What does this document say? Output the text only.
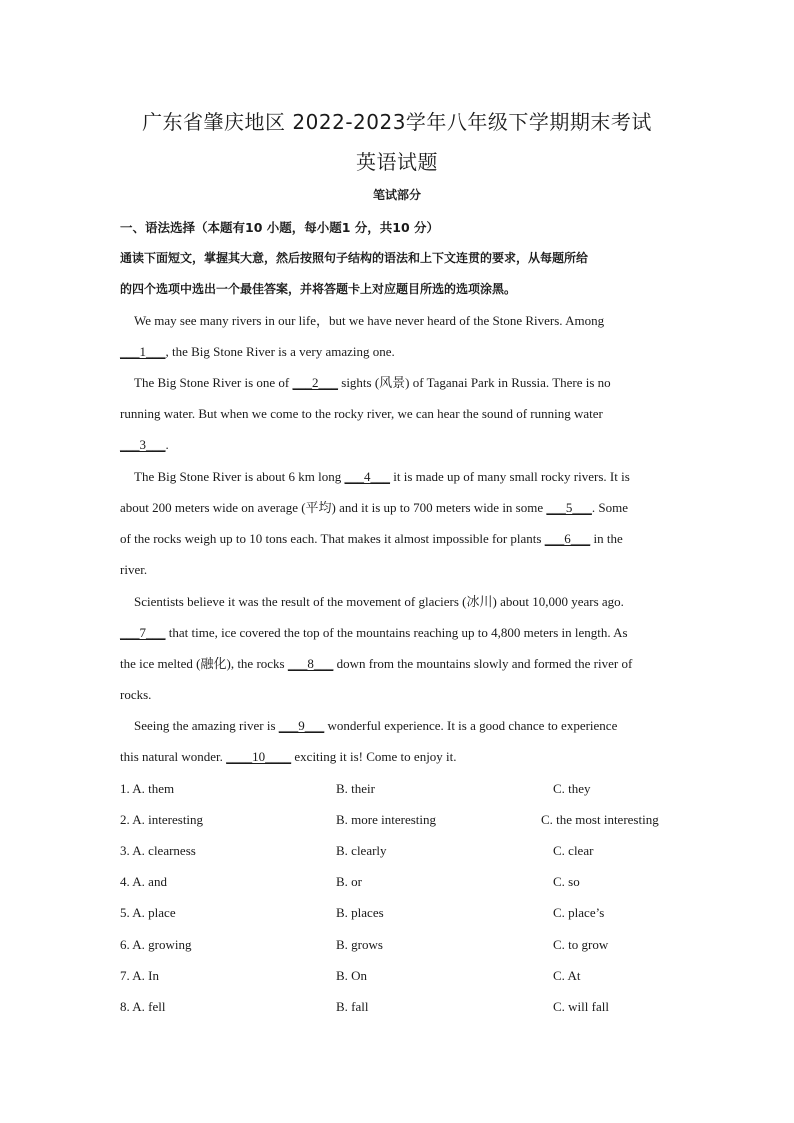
广东省肇庆地区 2022-2023学年八年级下学期期末考试
英语试题
笔试部分
一、语法选择（本题有10 小题，每小题1 分，共10 分）
通读下面短文，掌握其大意，然后按照句子结构的语法和上下文连贯的要求，从每题所给
的四个选项中选出一个最佳答案，并将答题卡上对应题目所选的选项涂黑。
We may see many rivers in our life，but we have never heard of the Stone Rivers. Among
___1___, the Big Stone River is a very amazing one.
The Big Stone River is one of ___2___ sights (风景) of Taganai Park in Russia. There is no
running water. But when we come to the rocky river, we can hear the sound of running water
___3___.
The Big Stone River is about 6 km long ___4___ it is made up of many small rocky rivers. It is
about 200 meters wide on average (平均) and it is up to 700 meters wide in some ___5___. Some
of the rocks weigh up to 10 tons each. That makes it almost impossible for plants ___6___ in the
river.
Scientists believe it was the result of the movement of glaciers (冰川) about 10,000 years ago.
___7___ that time, ice covered the top of the mountains reaching up to 4,800 meters in length. As
the ice melted (融化), the rocks ___8___ down from the mountains slowly and formed the river of
rocks.
Seeing the amazing river is ___9___ wonderful experience. It is a good chance to experience
this natural wonder. ____10____ exciting it is! Come to enjoy it.
1. A. them	B. their	C. they
2. A. interesting	B. more interesting	C. the most interesting
3. A. clearness	B. clearly	C. clear
4. A. and	B. or	C. so
5. A. place	B. places	C. place’s
6. A. growing	B. grows	C. to grow
7. A. In	B. On	C. At
8. A. fell	B. fall	C. will fall
